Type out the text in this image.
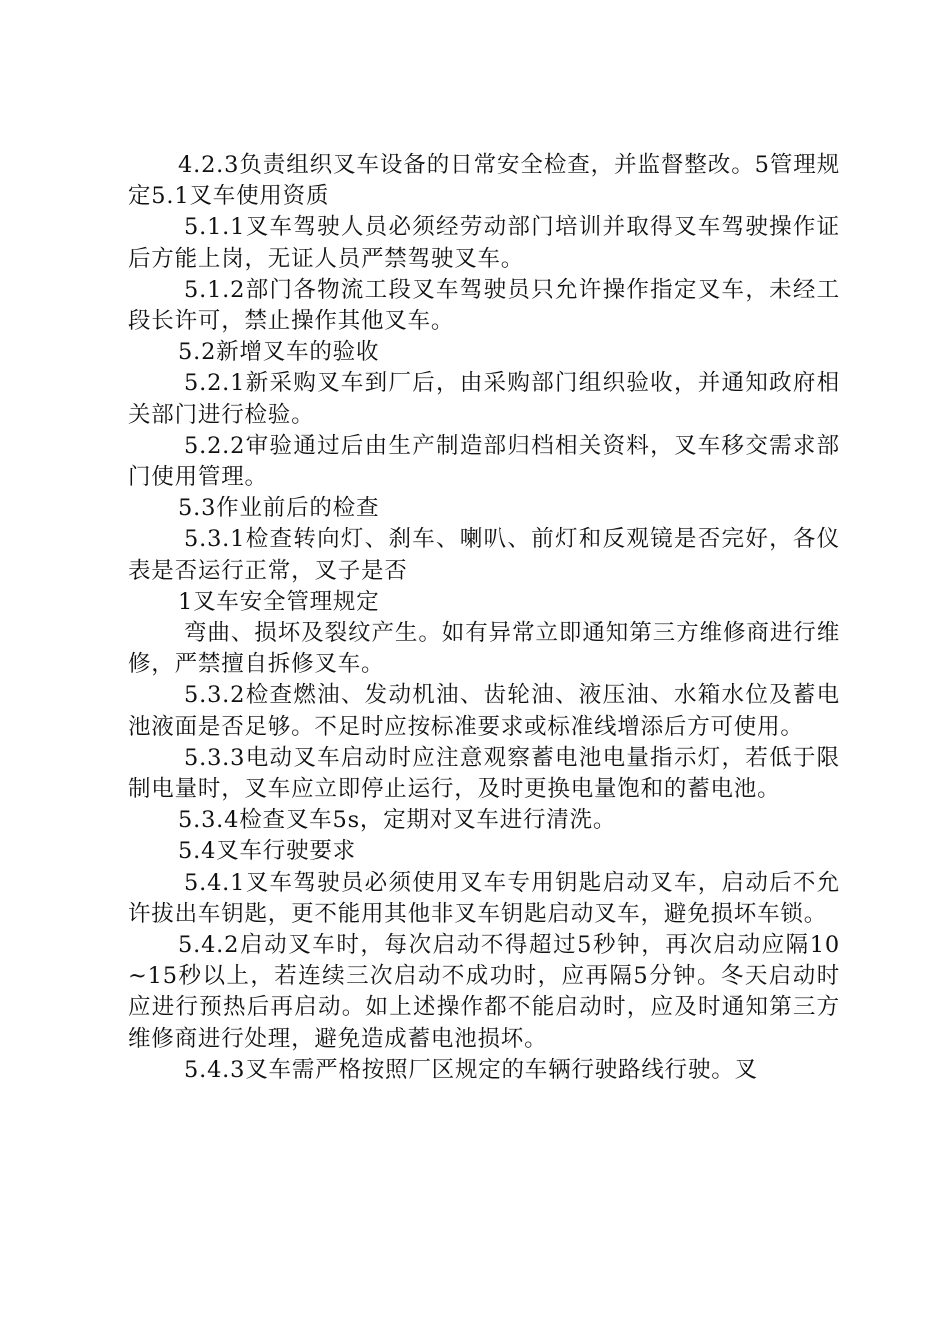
4.2.3负责组织叉车设备的日常安全检查，并监督整改。5管理规定5.1叉车使用资质

5.1.1叉车驾驶人员必须经劳动部门培训并取得叉车驾驶操作证后方能上岗，无证人员严禁驾驶叉车。

5.1.2部门各物流工段叉车驾驶员只允许操作指定叉车，未经工段长许可，禁止操作其他叉车。

5.2新增叉车的验收

5.2.1新采购叉车到厂后，由采购部门组织验收，并通知政府相关部门进行检验。

5.2.2审验通过后由生产制造部归档相关资料，叉车移交需求部门使用管理。

5.3作业前后的检查

5.3.1检查转向灯、刹车、喇叭、前灯和反观镜是否完好，各仪表是否运行正常，叉子是否

1叉车安全管理规定

弯曲、损坏及裂纹产生。如有异常立即通知第三方维修商进行维修，严禁擅自拆修叉车。

5.3.2检查燃油、发动机油、齿轮油、液压油、水箱水位及蓄电池液面是否足够。不足时应按标准要求或标准线增添后方可使用。

5.3.3电动叉车启动时应注意观察蓄电池电量指示灯，若低于限制电量时，叉车应立即停止运行，及时更换电量饱和的蓄电池。

5.3.4检查叉车5s，定期对叉车进行清洗。

5.4叉车行驶要求

5.4.1叉车驾驶员必须使用叉车专用钥匙启动叉车，启动后不允许拔出车钥匙，更不能用其他非叉车钥匙启动叉车，避免损坏车锁。

5.4.2启动叉车时，每次启动不得超过5秒钟，再次启动应隔10~15秒以上，若连续三次启动不成功时，应再隔5分钟。冬天启动时应进行预热后再启动。如上述操作都不能启动时，应及时通知第三方维修商进行处理，避免造成蓄电池损坏。

5.4.3叉车需严格按照厂区规定的车辆行驶路线行驶。叉
